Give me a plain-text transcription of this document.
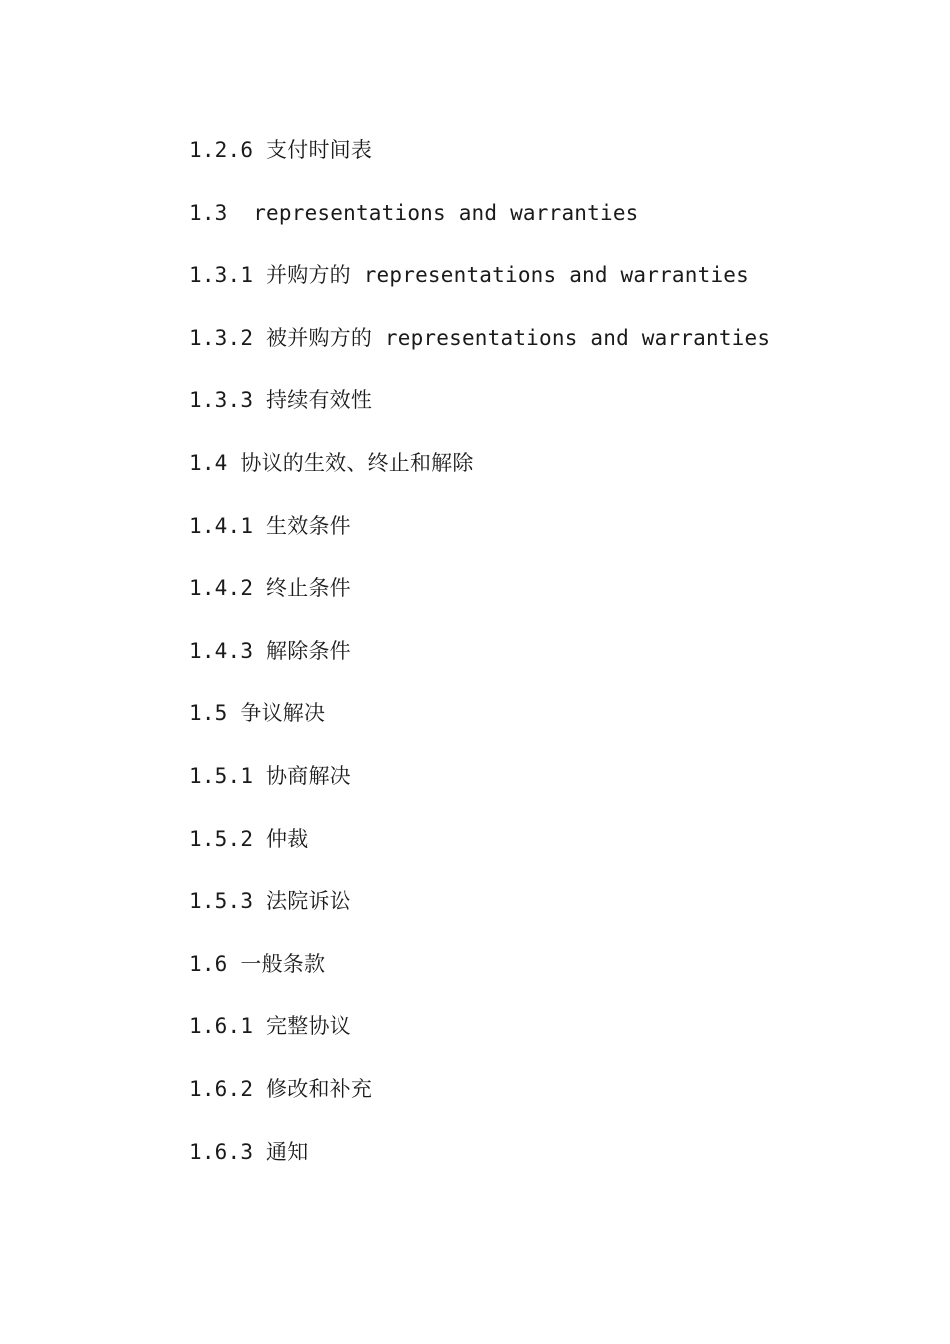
1.2.6 支付时间表
1.3  representations and warranties
1.3.1 并购方的 representations and warranties
1.3.2 被并购方的 representations and warranties
1.3.3 持续有效性
1.4 协议的生效、终止和解除
1.4.1 生效条件
1.4.2 终止条件
1.4.3 解除条件
1.5 争议解决
1.5.1 协商解决
1.5.2 仲裁
1.5.3 法院诉讼
1.6 一般条款
1.6.1 完整协议
1.6.2 修改和补充
1.6.3 通知
